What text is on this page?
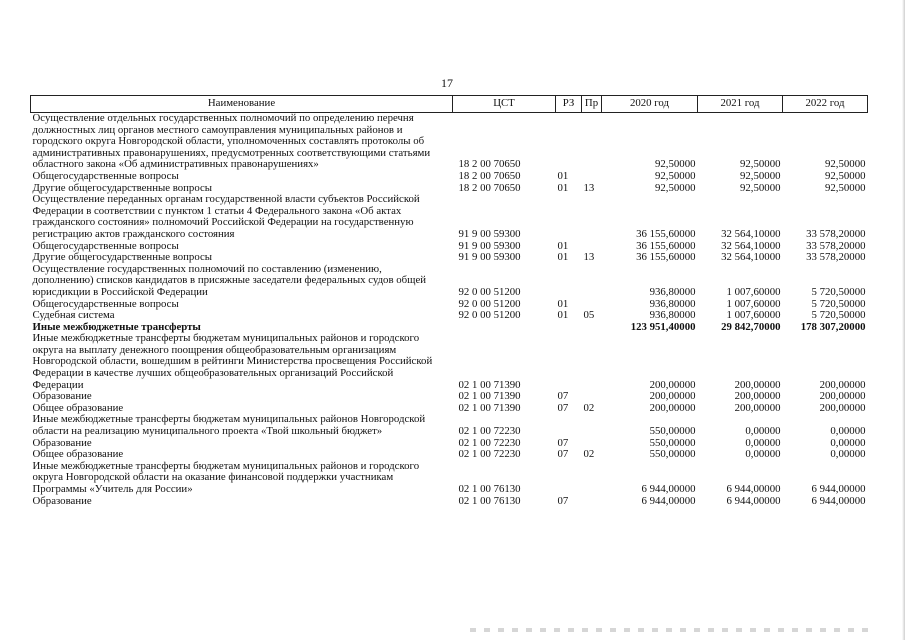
17
Наименование	ЦСТ	РЗ	Пр	2020 год	2021 год	2022 год
Осуществление отдельных государственных полномочий по определению перечня должностных лиц органов местного самоуправления муниципальных районов и городского округа Новгородской области, уполномоченных составлять протоколы об административных правонарушениях, предусмотренных соответствующими статьями областного закона «Об административных правонарушениях»	18 2 00 70650			92,50000	92,50000	92,50000
Общегосударственные вопросы	18 2 00 70650	01		92,50000	92,50000	92,50000
Другие общегосударственные вопросы	18 2 00 70650	01	13	92,50000	92,50000	92,50000
Осуществление переданных органам государственной власти субъектов Российской Федерации в соответствии с пунктом 1 статьи 4 Федерального закона «Об актах гражданского состояния» полномочий Российской Федерации на государственную регистрацию актов гражданского состояния	91 9 00 59300			36 155,60000	32 564,10000	33 578,20000
Общегосударственные вопросы	91 9 00 59300	01		36 155,60000	32 564,10000	33 578,20000
Другие общегосударственные вопросы	91 9 00 59300	01	13	36 155,60000	32 564,10000	33 578,20000
Осуществление государственных полномочий по составлению (изменению, дополнению) списков кандидатов в присяжные заседатели федеральных судов общей юрисдикции в Российской Федерации	92 0 00 51200			936,80000	1 007,60000	5 720,50000
Общегосударственные вопросы	92 0 00 51200	01		936,80000	1 007,60000	5 720,50000
Судебная система	92 0 00 51200	01	05	936,80000	1 007,60000	5 720,50000
Иные межбюджетные трансферты				123 951,40000	29 842,70000	178 307,20000
Иные межбюджетные трансферты бюджетам муниципальных районов и городского округа на выплату денежного поощрения общеобразовательным организациям Новгородской области, вошедшим в рейтинги Министерства просвещения Российской Федерации в качестве лучших общеобразовательных организаций Российской Федерации	02 1 00 71390			200,00000	200,00000	200,00000
Образование	02 1 00 71390	07		200,00000	200,00000	200,00000
Общее образование	02 1 00 71390	07	02	200,00000	200,00000	200,00000
Иные межбюджетные трансферты бюджетам муниципальных районов Новгородской области на реализацию муниципального проекта «Твой школьный бюджет»	02 1 00 72230			550,00000	0,00000	0,00000
Образование	02 1 00 72230	07		550,00000	0,00000	0,00000
Общее образование	02 1 00 72230	07	02	550,00000	0,00000	0,00000
Иные межбюджетные трансферты бюджетам муниципальных районов и городского округа Новгородской области на оказание финансовой поддержки участникам Программы «Учитель для России»	02 1 00 76130			6 944,00000	6 944,00000	6 944,00000
Образование	02 1 00 76130	07		6 944,00000	6 944,00000	6 944,00000
